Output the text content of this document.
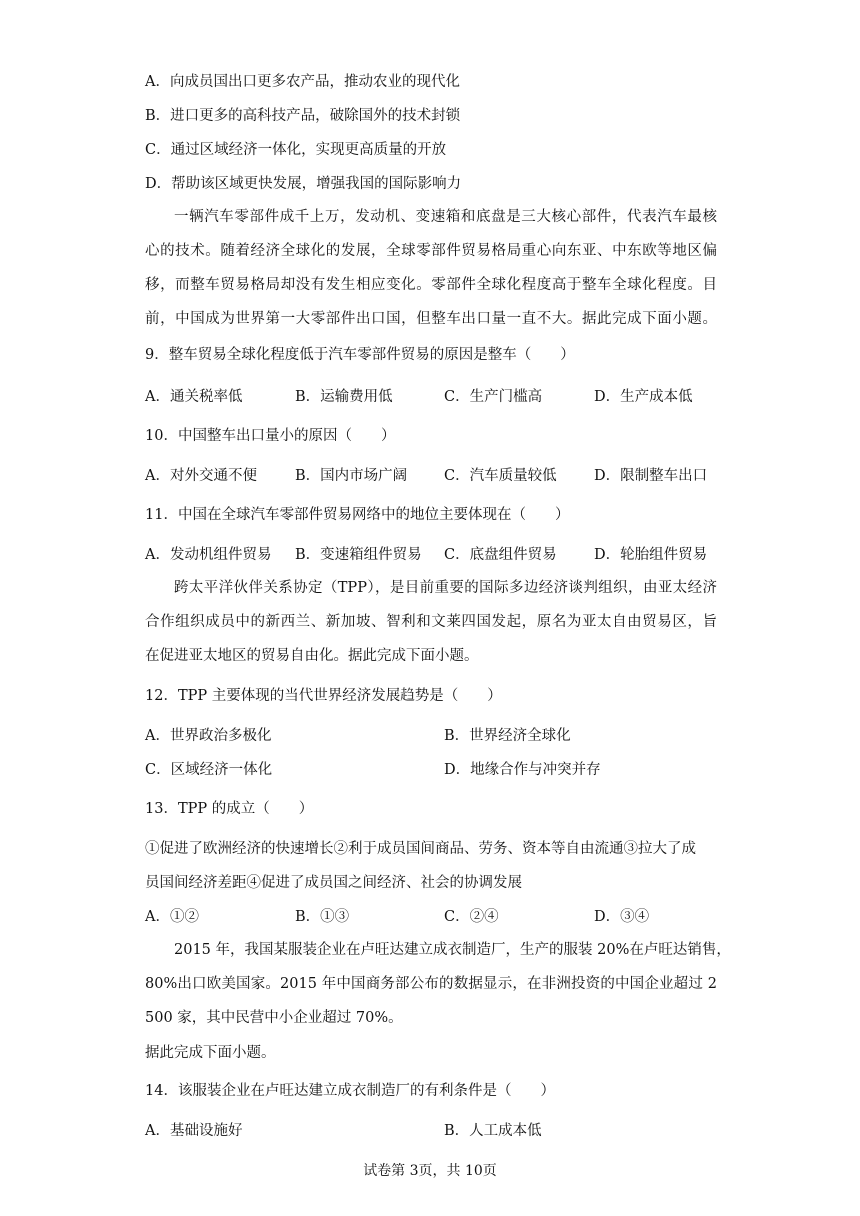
A．向成员国出口更多农产品，推动农业的现代化
B．进口更多的高科技产品，破除国外的技术封锁
C．通过区域经济一体化，实现更高质量的开放
D．帮助该区域更快发展，增强我国的国际影响力
一辆汽车零部件成千上万，发动机、变速箱和底盘是三大核心部件，代表汽车最核
心的技术。随着经济全球化的发展，全球零部件贸易格局重心向东亚、中东欧等地区偏
移，而整车贸易格局却没有发生相应变化。零部件全球化程度高于整车全球化程度。目
前，中国成为世界第一大零部件出口国，但整车出口量一直不大。据此完成下面小题。
9．整车贸易全球化程度低于汽车零部件贸易的原因是整车（　　）
A．通关税率低	B．运输费用低	C．生产门槛高	D．生产成本低
10．中国整车出口量小的原因（　　）
A．对外交通不便	B．国内市场广阔	C．汽车质量较低	D．限制整车出口
11．中国在全球汽车零部件贸易网络中的地位主要体现在（　　）
A．发动机组件贸易 B．变速箱组件贸易 C．底盘组件贸易	D．轮胎组件贸易
跨太平洋伙伴关系协定（TPP），是目前重要的国际多边经济谈判组织，由亚太经济
合作组织成员中的新西兰、新加坡、智利和文莱四国发起，原名为亚太自由贸易区，旨
在促进亚太地区的贸易自由化。据此完成下面小题。
12．TPP 主要体现的当代世界经济发展趋势是（　　）
A．世界政治多极化	B．世界经济全球化
C．区域经济一体化	D．地缘合作与冲突并存
13．TPP 的成立（　　）
①促进了欧洲经济的快速增长②利于成员国间商品、劳务、资本等自由流通③拉大了成
员国间经济差距④促进了成员国之间经济、社会的协调发展
A．①②	B．①③	C．②④	D．③④
2015 年，我国某服装企业在卢旺达建立成衣制造厂，生产的服装 20%在卢旺达销售，
80%出口欧美国家。2015 年中国商务部公布的数据显示，在非洲投资的中国企业超过 2
500 家，其中民营中小企业超过 70%。
据此完成下面小题。
14．该服装企业在卢旺达建立成衣制造厂的有利条件是（　　）
A．基础设施好	B．人工成本低
试卷第 3页，共 10页
